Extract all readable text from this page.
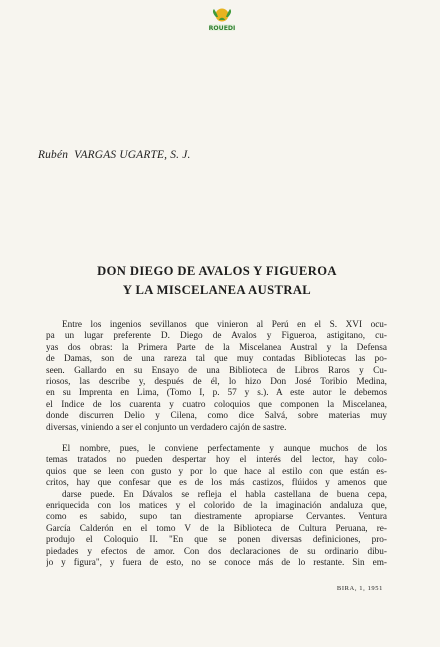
ROUEDI
Rubén VARGAS UGARTE, S. J.
DON DIEGO DE AVALOS Y FIGUEROA
Y LA MISCELANEA AUSTRAL
Entre los ingenios sevillanos que vinieron al Perú en el S. XVI ocu-
pa un lugar preferente D. Diego de Avalos y Figueroa, astigitano, cu-
yas dos obras: la Primera Parte de la Miscelanea Austral y la Defensa
de Damas, son de una rareza tal que muy contadas Bibliotecas las po-
seen. Gallardo en su Ensayo de una Biblioteca de Libros Raros y Cu-
riosos, las describe y, después de él, lo hizo Don José Toribio Medina,
en su Imprenta en Lima, (Tomo I, p. 57 y s.). A este autor le debemos
el Indice de los cuarenta y cuatro coloquios que componen la Miscelanea,
donde discurren Delio y Cilena, como dice Salvá, sobre materias muy
diversas, viniendo a ser el conjunto un verdadero cajón de sastre.
El nombre, pues, le conviene perfectamente y aunque muchos de los
temas tratados no pueden despertar hoy el interés del lector, hay colo-
quios que se leen con gusto y por lo que hace al estilo con que están es-
critos, hay que confesar que es de los más castizos, flúidos y amenos que
darse puede. En Dávalos se refleja el habla castellana de buena cepa,
enriquecida con los matices y el colorido de la imaginación andaluza que,
como es sabido, supo tan diestramente apropiarse Cervantes. Ventura
García Calderón en el tomo V de la Biblioteca de Cultura Peruana, re-
produjo el Coloquio II. "En que se ponen diversas definiciones, pro-
piedades y efectos de amor. Con dos declaraciones de su ordinario dibu-
jo y figura", y fuera de esto, no se conoce más de lo restante. Sin em-
BIRA, 1, 1951
